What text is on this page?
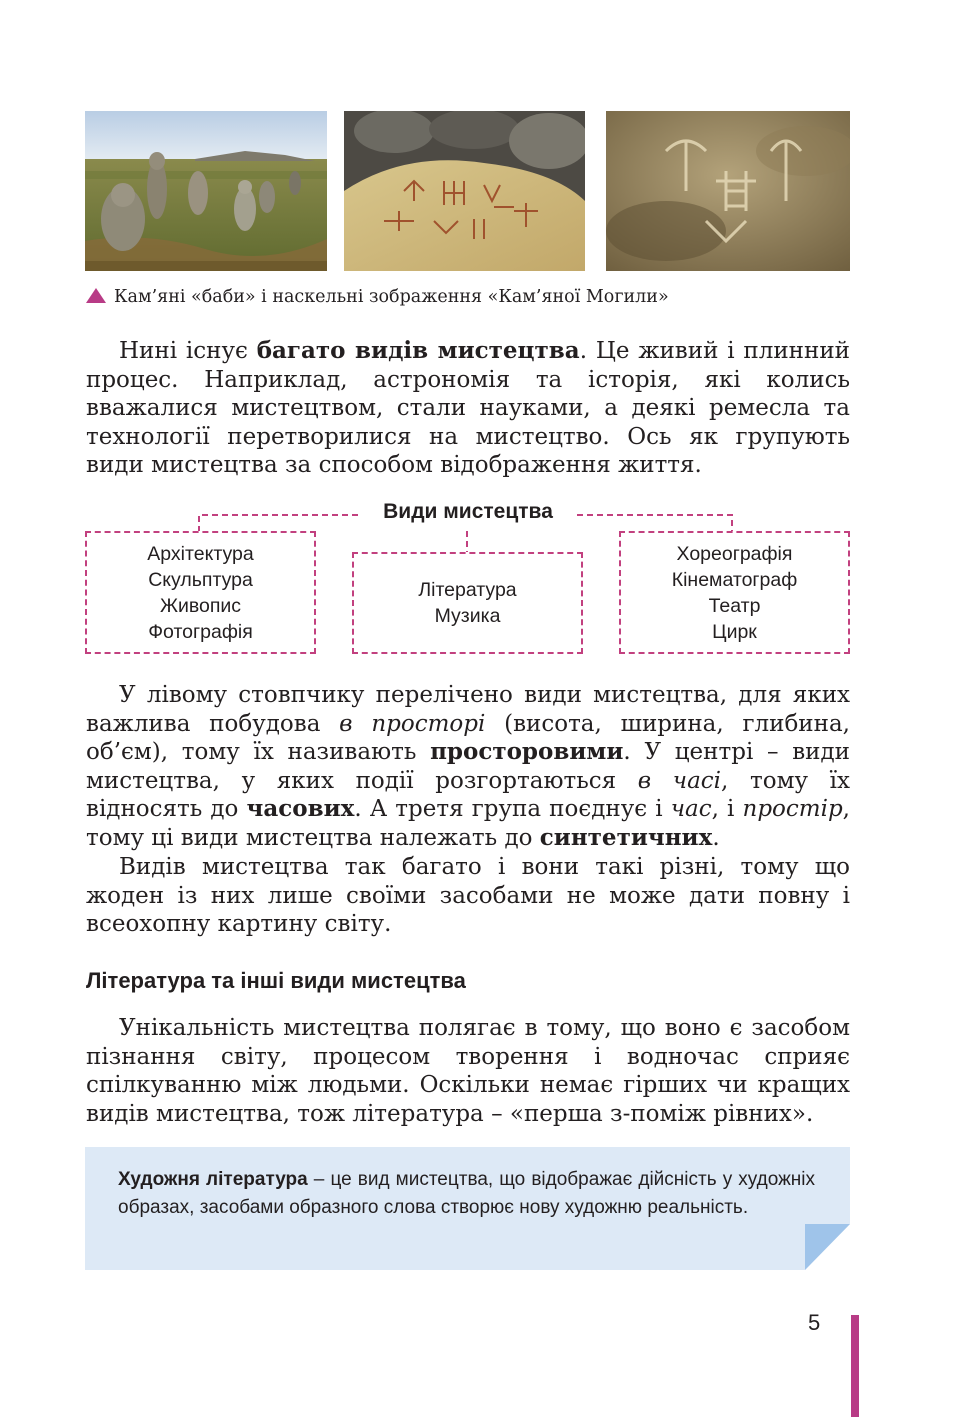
Кам’яні «баби» і наскельні зображення «Кам’яної Могили»
Нині існує багато видів мистецтва. Це живий і плинний процес. Наприклад, астрономія та історія, які колись вважалися мистецтвом, стали науками, а деякі ремесла та технології перетворилися на мистецтво. Ось як групують види мистецтва за способом відображення життя.
Види мистецтва
Архітектура
Скульптура
Живопис
Фотографія
Література
Музика
Хореографія
Кінематограф
Театр
Цирк
У лівому стовпчику перелічено види мистецтва, для яких важлива побудова в просторі (висота, ширина, глибина, об’єм), тому їх називають просторовими. У центрі – види мистецтва, у яких події розгортаються в часі, тому їх відносять до часових. А третя група поєднує і час, і простір, тому ці види мистецтва належать до синтетичних.
Видів мистецтва так багато і вони такі різні, тому що жоден із них лише своїми засобами не може дати повну і всеохопну картину світу.
Література та інші види мистецтва
Унікальність мистецтва полягає в тому, що воно є засобом пізнання світу, процесом творення і водночас сприяє спілкуванню між людьми. Оскільки немає гірших чи кращих видів мистецтва, тож література – «перша з-поміж рівних».
Художня література – це вид мистецтва, що відображає дійсність у художніх образах, засобами образного слова створює нову художню реальність.
5
